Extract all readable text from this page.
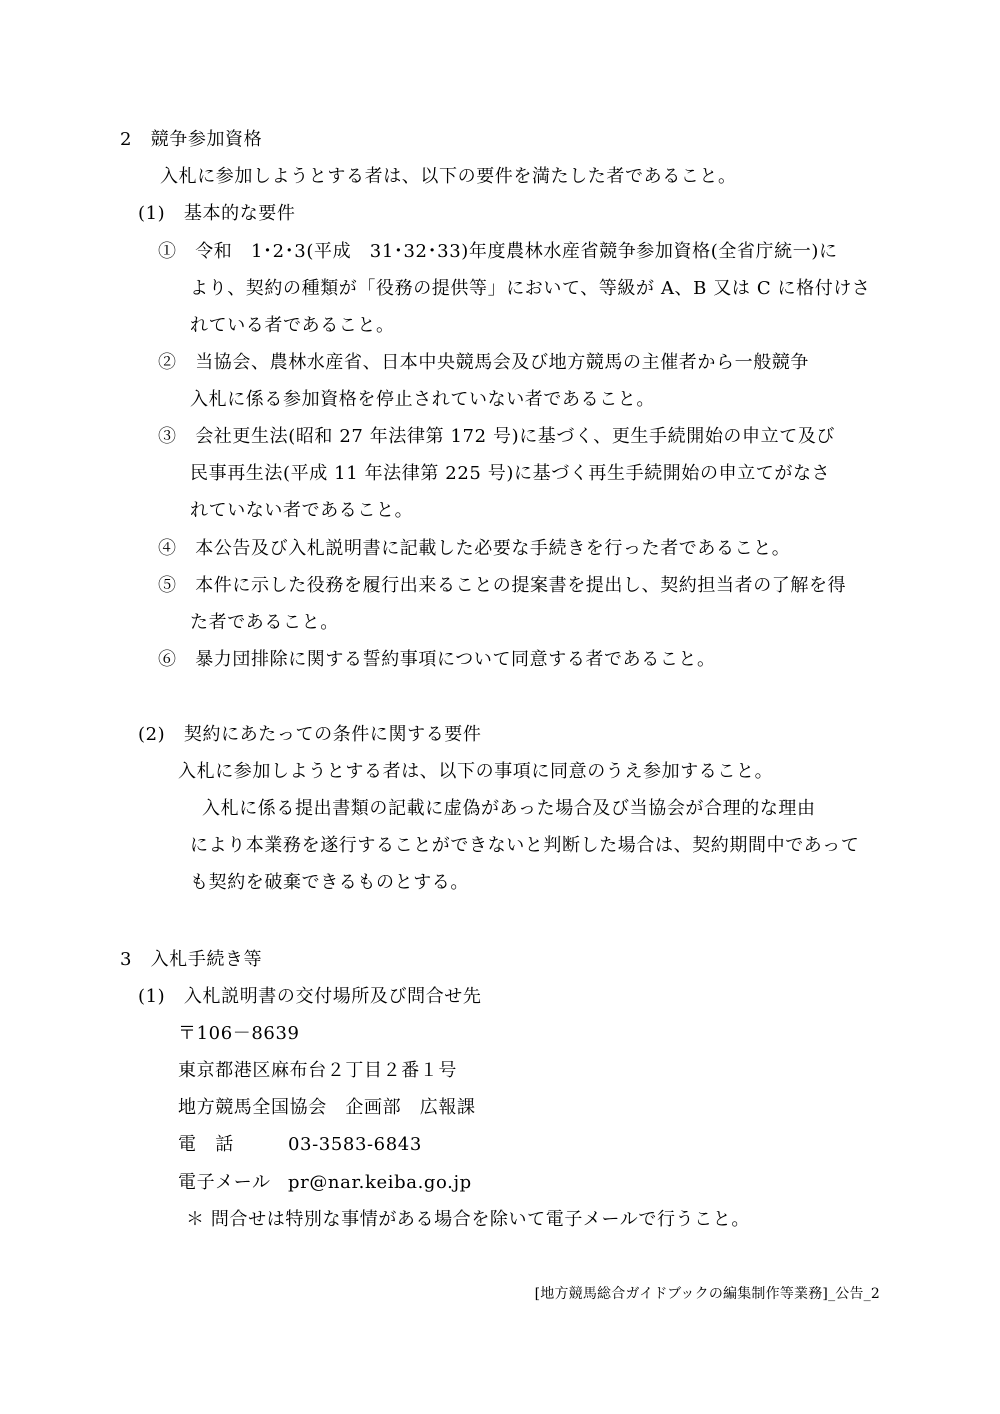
2　競争参加資格
入札に参加しようとする者は、以下の要件を満たした者であること。
(1)　基本的な要件
①　令和　1･2･3(平成　31･32･33)年度農林水産省競争参加資格(全省庁統一)に
より、契約の種類が「役務の提供等」において、等級が A、B 又は C に格付けさ
れている者であること。
②　当協会、農林水産省、日本中央競馬会及び地方競馬の主催者から一般競争
入札に係る参加資格を停止されていない者であること。
③　会社更生法(昭和 27 年法律第 172 号)に基づく、更生手続開始の申立て及び
民事再生法(平成 11 年法律第 225 号)に基づく再生手続開始の申立てがなさ
れていない者であること。
④　本公告及び入札説明書に記載した必要な手続きを行った者であること。
⑤　本件に示した役務を履行出来ることの提案書を提出し、契約担当者の了解を得
た者であること。
⑥　暴力団排除に関する誓約事項について同意する者であること。
(2)　契約にあたっての条件に関する要件
入札に参加しようとする者は、以下の事項に同意のうえ参加すること。
入札に係る提出書類の記載に虚偽があった場合及び当協会が合理的な理由
により本業務を遂行することができないと判断した場合は、契約期間中であって
も契約を破棄できるものとする。
3　入札手続き等
(1)　入札説明書の交付場所及び問合せ先
〒106－8639
東京都港区麻布台２丁目２番１号
地方競馬全国協会　企画部　広報課
電　話	03-3583-6843
電子メール pr@nar.keiba.go.jp
＊ 問合せは特別な事情がある場合を除いて電子メールで行うこと。
[地方競馬総合ガイドブックの編集制作等業務]_公告_2
